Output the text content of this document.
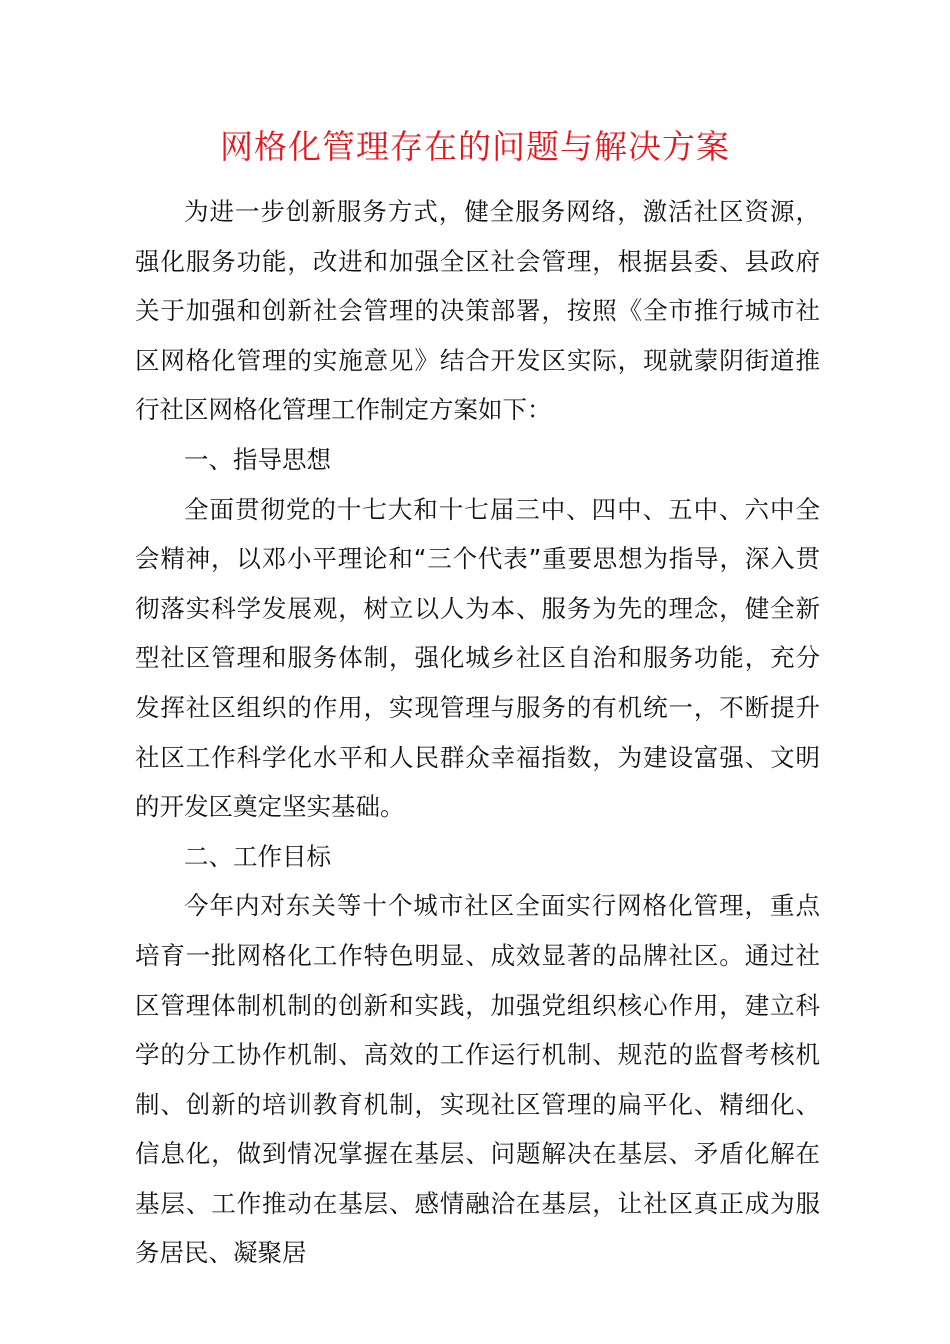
网格化管理存在的问题与解决方案

为进一步创新服务方式，健全服务网络，激活社区资源，强化服务功能，改进和加强全区社会管理，根据县委、县政府关于加强和创新社会管理的决策部署，按照《全市推行城市社区网格化管理的实施意见》结合开发区实际，现就蒙阴街道推行社区网格化管理工作制定方案如下：

一、指导思想

全面贯彻党的十七大和十七届三中、四中、五中、六中全会精神，以邓小平理论和“三个代表”重要思想为指导，深入贯彻落实科学发展观，树立以人为本、服务为先的理念，健全新型社区管理和服务体制，强化城乡社区自治和服务功能，充分发挥社区组织的作用，实现管理与服务的有机统一，不断提升社区工作科学化水平和人民群众幸福指数，为建设富强、文明的开发区奠定坚实基础。

二、工作目标

今年内对东关等十个城市社区全面实行网格化管理，重点培育一批网格化工作特色明显、成效显著的品牌社区。通过社区管理体制机制的创新和实践，加强党组织核心作用，建立科学的分工协作机制、高效的工作运行机制、规范的监督考核机制、创新的培训教育机制，实现社区管理的扁平化、精细化、信息化，做到情况掌握在基层、问题解决在基层、矛盾化解在基层、工作推动在基层、感情融洽在基层，让社区真正成为服务居民、凝聚居
